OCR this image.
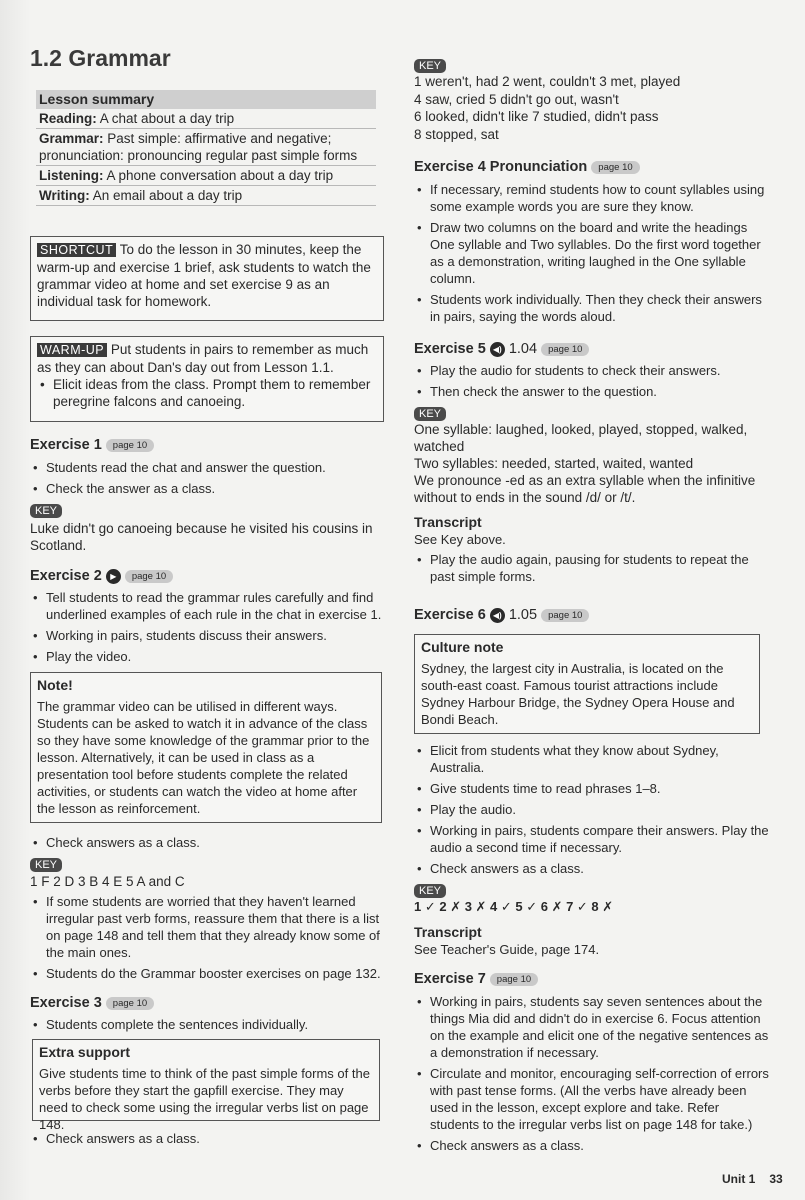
1.2 Grammar
Lesson summary
Reading: A chat about a day trip
Grammar: Past simple: affirmative and negative; pronunciation: pronouncing regular past simple forms
Listening: A phone conversation about a day trip
Writing: An email about a day trip
SHORTCUT To do the lesson in 30 minutes, keep the warm-up and exercise 1 brief, ask students to watch the grammar video at home and set exercise 9 as an individual task for homework.
WARM-UP Put students in pairs to remember as much as they can about Dan's day out from Lesson 1.1.
• Elicit ideas from the class. Prompt them to remember peregrine falcons and canoeing.
Exercise 1 page 10
• Students read the chat and answer the question.
• Check the answer as a class.
KEY
Luke didn't go canoeing because he visited his cousins in Scotland.
Exercise 2 ▶ page 10
• Tell students to read the grammar rules carefully and find underlined examples of each rule in the chat in exercise 1.
• Working in pairs, students discuss their answers.
• Play the video.
Note!
The grammar video can be utilised in different ways. Students can be asked to watch it in advance of the class so they have some knowledge of the grammar prior to the lesson. Alternatively, it can be used in class as a presentation tool before students complete the related activities, or students can watch the video at home after the lesson as reinforcement.
• Check answers as a class.
KEY
1 F 2 D 3 B 4 E 5 A and C
• If some students are worried that they haven't learned irregular past verb forms, reassure them that there is a list on page 148 and tell them that they already know some of the main ones.
• Students do the Grammar booster exercises on page 132.
Exercise 3 page 10
• Students complete the sentences individually.
Extra support
Give students time to think of the past simple forms of the verbs before they start the gapfill exercise. They may need to check some using the irregular verbs list on page 148.
• Check answers as a class.
KEY
1 weren't, had 2 went, couldn't 3 met, played
4 saw, cried 5 didn't go out, wasn't
6 looked, didn't like 7 studied, didn't pass
8 stopped, sat
Exercise 4 Pronunciation page 10
• If necessary, remind students how to count syllables using some example words you are sure they know.
• Draw two columns on the board and write the headings One syllable and Two syllables. Do the first word together as a demonstration, writing laughed in the One syllable column.
• Students work individually. Then they check their answers in pairs, saying the words aloud.
Exercise 5 ◀) 1.04 page 10
• Play the audio for students to check their answers.
• Then check the answer to the question.
KEY
One syllable: laughed, looked, played, stopped, walked, watched
Two syllables: needed, started, waited, wanted
We pronounce -ed as an extra syllable when the infinitive without to ends in the sound /d/ or /t/.
Transcript
See Key above.
• Play the audio again, pausing for students to repeat the past simple forms.
Exercise 6 ◀) 1.05 page 10
Culture note
Sydney, the largest city in Australia, is located on the south-east coast. Famous tourist attractions include Sydney Harbour Bridge, the Sydney Opera House and Bondi Beach.
• Elicit from students what they know about Sydney, Australia.
• Give students time to read phrases 1–8.
• Play the audio.
• Working in pairs, students compare their answers. Play the audio a second time if necessary.
• Check answers as a class.
KEY
1 ✓ 2 ✗ 3 ✗ 4 ✓ 5 ✓ 6 ✗ 7 ✓ 8 ✗
Transcript
See Teacher's Guide, page 174.
Exercise 7 page 10
• Working in pairs, students say seven sentences about the things Mia did and didn't do in exercise 6. Focus attention on the example and elicit one of the negative sentences as a demonstration if necessary.
• Circulate and monitor, encouraging self-correction of errors with past tense forms. (All the verbs have already been used in the lesson, except explore and take. Refer students to the irregular verbs list on page 148 for take.)
• Check answers as a class.
Unit 1 33
